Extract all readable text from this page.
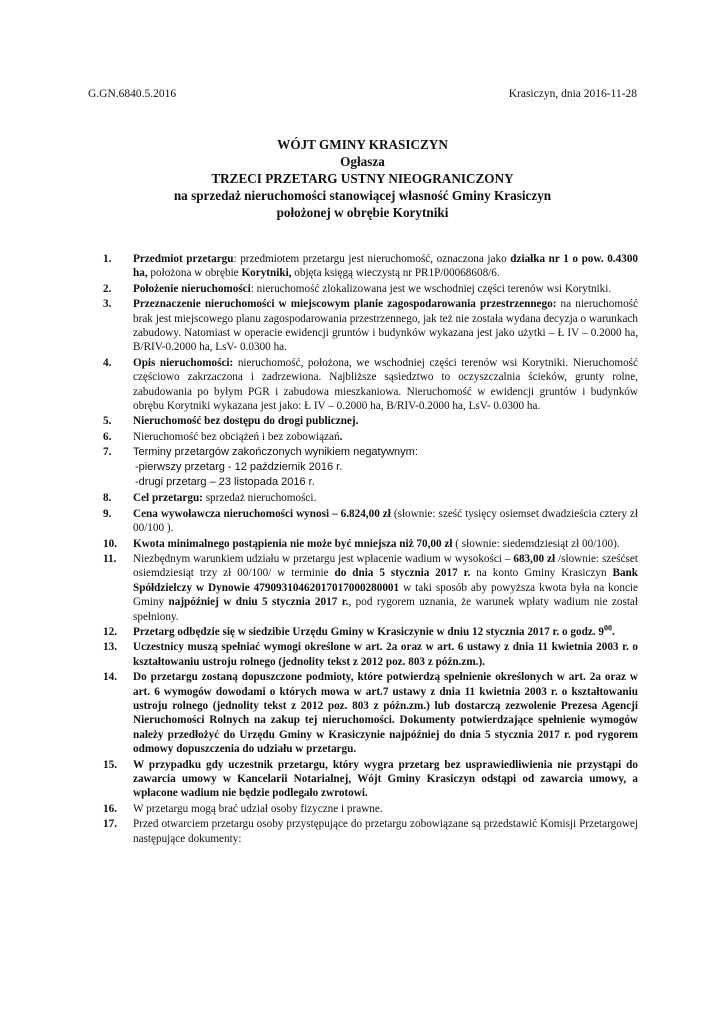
G.GN.6840.5.2016	Krasiczyn, dnia 2016-11-28
WÓJT GMINY KRASICZYN
Ogłasza
TRZECI PRZETARG USTNY NIEOGRANICZONY
na sprzedaż nieruchomości stanowiącej własność Gminy Krasiczyn
położonej w obrębie Korytniki
1. Przedmiot przetargu: przedmiotem przetargu jest nieruchomość, oznaczona jako działka nr 1 o pow. 0.4300 ha, położona w obrębie Korytniki, objęta księgą wieczystą nr PR1P/00068608/6.
2. Położenie nieruchomości: nieruchomość zlokalizowana jest we wschodniej części terenów wsi Korytniki.
3. Przeznaczenie nieruchomości w miejscowym planie zagospodarowania przestrzennego: na nieruchomość brak jest miejscowego planu zagospodarowania przestrzennego, jak też nie została wydana decyzja o warunkach zabudowy. Natomiast w operacie ewidencji gruntów i budynków wykazana jest jako użytki – Ł IV – 0.2000 ha, B/RIV-0.2000 ha, LsV- 0.0300 ha.
4. Opis nieruchomości: nieruchomość, położona, we wschodniej części terenów wsi Korytniki. Nieruchomość częściowo zakrzaczona i zadrzewiona. Najbliższe sąsiedztwo to oczyszczalnia ścieków, grunty rolne, zabudowania po byłym PGR i zabudowa mieszkaniowa. Nieruchomość w ewidencji gruntów i budynków obrębu Korytniki wykazana jest jako: Ł IV – 0.2000 ha, B/RIV-0.2000 ha, LsV- 0.0300 ha.
5. Nieruchomość bez dostępu do drogi publicznej.
6. Nieruchomość bez obciążeń i bez zobowiązań.
7. Terminy przetargów zakończonych wynikiem negatywnym:
-pierwszy przetarg - 12 październik 2016 r.
-drugi przetarg – 23 listopada 2016 r.
8. Cel przetargu: sprzedaż nieruchomości.
9. Cena wywoławcza nieruchomości wynosi – 6.824,00 zł (słownie: sześć tysięcy osiemset dwadzieścia cztery zł 00/100 ).
10. Kwota minimalnego postąpienia nie może być mniejsza niż 70,00 zł ( słownie: siedemdziesiąt zł 00/100).
11. Niezbędnym warunkiem udziału w przetargu jest wpłacenie wadium w wysokości – 683,00 zł /słownie: sześćset osiemdziesiąt trzy zł 00/100/ w terminie do dnia 5 stycznia 2017 r. na konto Gminy Krasiczyn Bank Spółdzielczy w Dynowie 47909310462017017000280001 w taki sposób aby powyższa kwota była na koncie Gminy najpóźniej w dniu 5 stycznia 2017 r., pod rygorem uznania, że warunek wpłaty wadium nie został spełniony.
12. Przetarg odbędzie się w siedzibie Urzędu Gminy w Krasiczynie w dniu 12 stycznia 2017 r. o godz. $9^{00}$.
13. Uczestnicy muszą spełniać wymogi określone w art. 2a oraz w art. 6 ustawy z dnia 11 kwietnia 2003 r. o kształtowaniu ustroju rolnego (jednolity tekst z 2012 poz. 803 z późn.zm.).
14. Do przetargu zostaną dopuszczone podmioty, które potwierdzą spełnienie określonych w art. 2a oraz w art. 6 wymogów dowodami o których mowa w art.7 ustawy z dnia 11 kwietnia 2003 r. o kształtowaniu ustroju rolnego (jednolity tekst z 2012 poz. 803 z późn.zm.) lub dostarczą zezwolenie Prezesa Agencji Nieruchomości Rolnych na zakup tej nieruchomości. Dokumenty potwierdzające spełnienie wymogów należy przedłożyć do Urzędu Gminy w Krasiczynie najpóźniej do dnia 5 stycznia 2017 r. pod rygorem odmowy dopuszczenia do udziału w przetargu.
15. W przypadku gdy uczestnik przetargu, który wygra przetarg bez usprawiedliwienia nie przystąpi do zawarcia umowy w Kancelarii Notarialnej, Wójt Gminy Krasiczyn odstąpi od zawarcia umowy, a wpłacone wadium nie będzie podlegało zwrotowi.
16. W przetargu mogą brać udział osoby fizyczne i prawne.
17. Przed otwarciem przetargu osoby przystępujące do przetargu zobowiązane są przedstawić Komisji Przetargowej następujące dokumenty:
